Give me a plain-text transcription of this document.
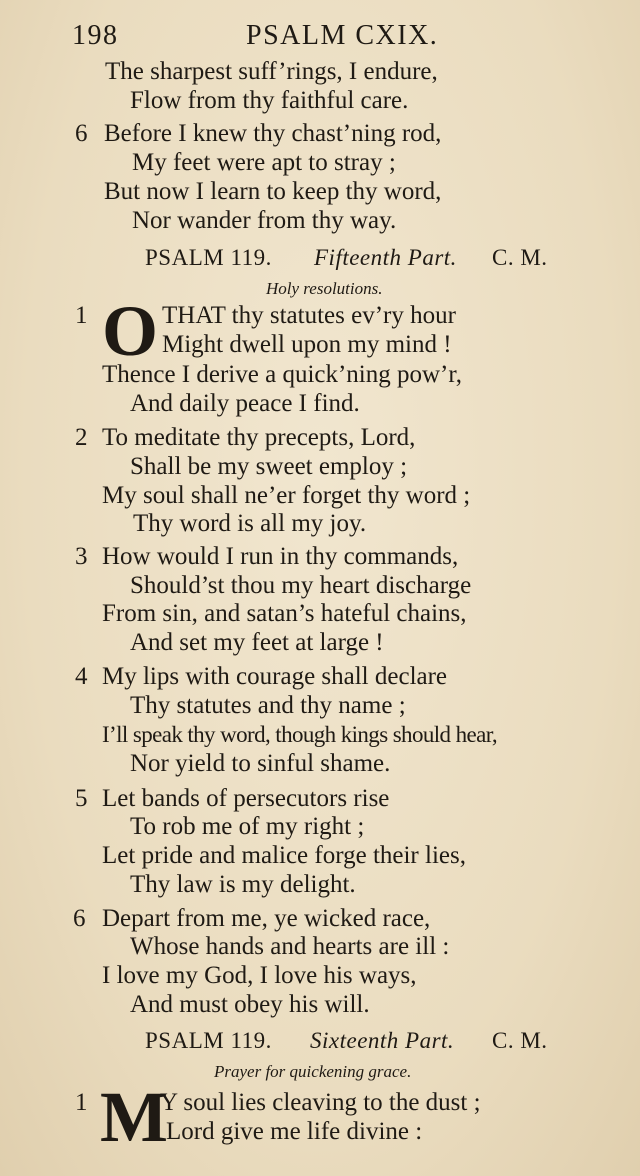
198	PSALM CXIX.
The sharpest suff’rings, I endure,
Flow from thy faithful care.
6 Before I knew thy chast’ning rod,
My feet were apt to stray ;
But now I learn to keep thy word,
Nor wander from thy way.
PSALM 119. Fifteenth Part. C. M.
Holy resolutions.
1 O THAT thy statutes ev’ry hour
Might dwell upon my mind !
Thence I derive a quick’ning pow’r,
And daily peace I find.
2 To meditate thy precepts, Lord,
Shall be my sweet employ ;
My soul shall ne’er forget thy word ;
Thy word is all my joy.
3 How would I run in thy commands,
Should’st thou my heart discharge
From sin, and satan’s hateful chains,
And set my feet at large !
4 My lips with courage shall declare
Thy statutes and thy name ;
I’ll speak thy word, though kings should hear,
Nor yield to sinful shame.
5 Let bands of persecutors rise
To rob me of my right ;
Let pride and malice forge their lies,
Thy law is my delight.
6 Depart from me, ye wicked race,
Whose hands and hearts are ill :
I love my God, I love his ways,
And must obey his will.
PSALM 119. Sixteenth Part. C. M.
Prayer for quickening grace.
1 M
Y soul lies cleaving to the dust ;
Lord give me life divine :
